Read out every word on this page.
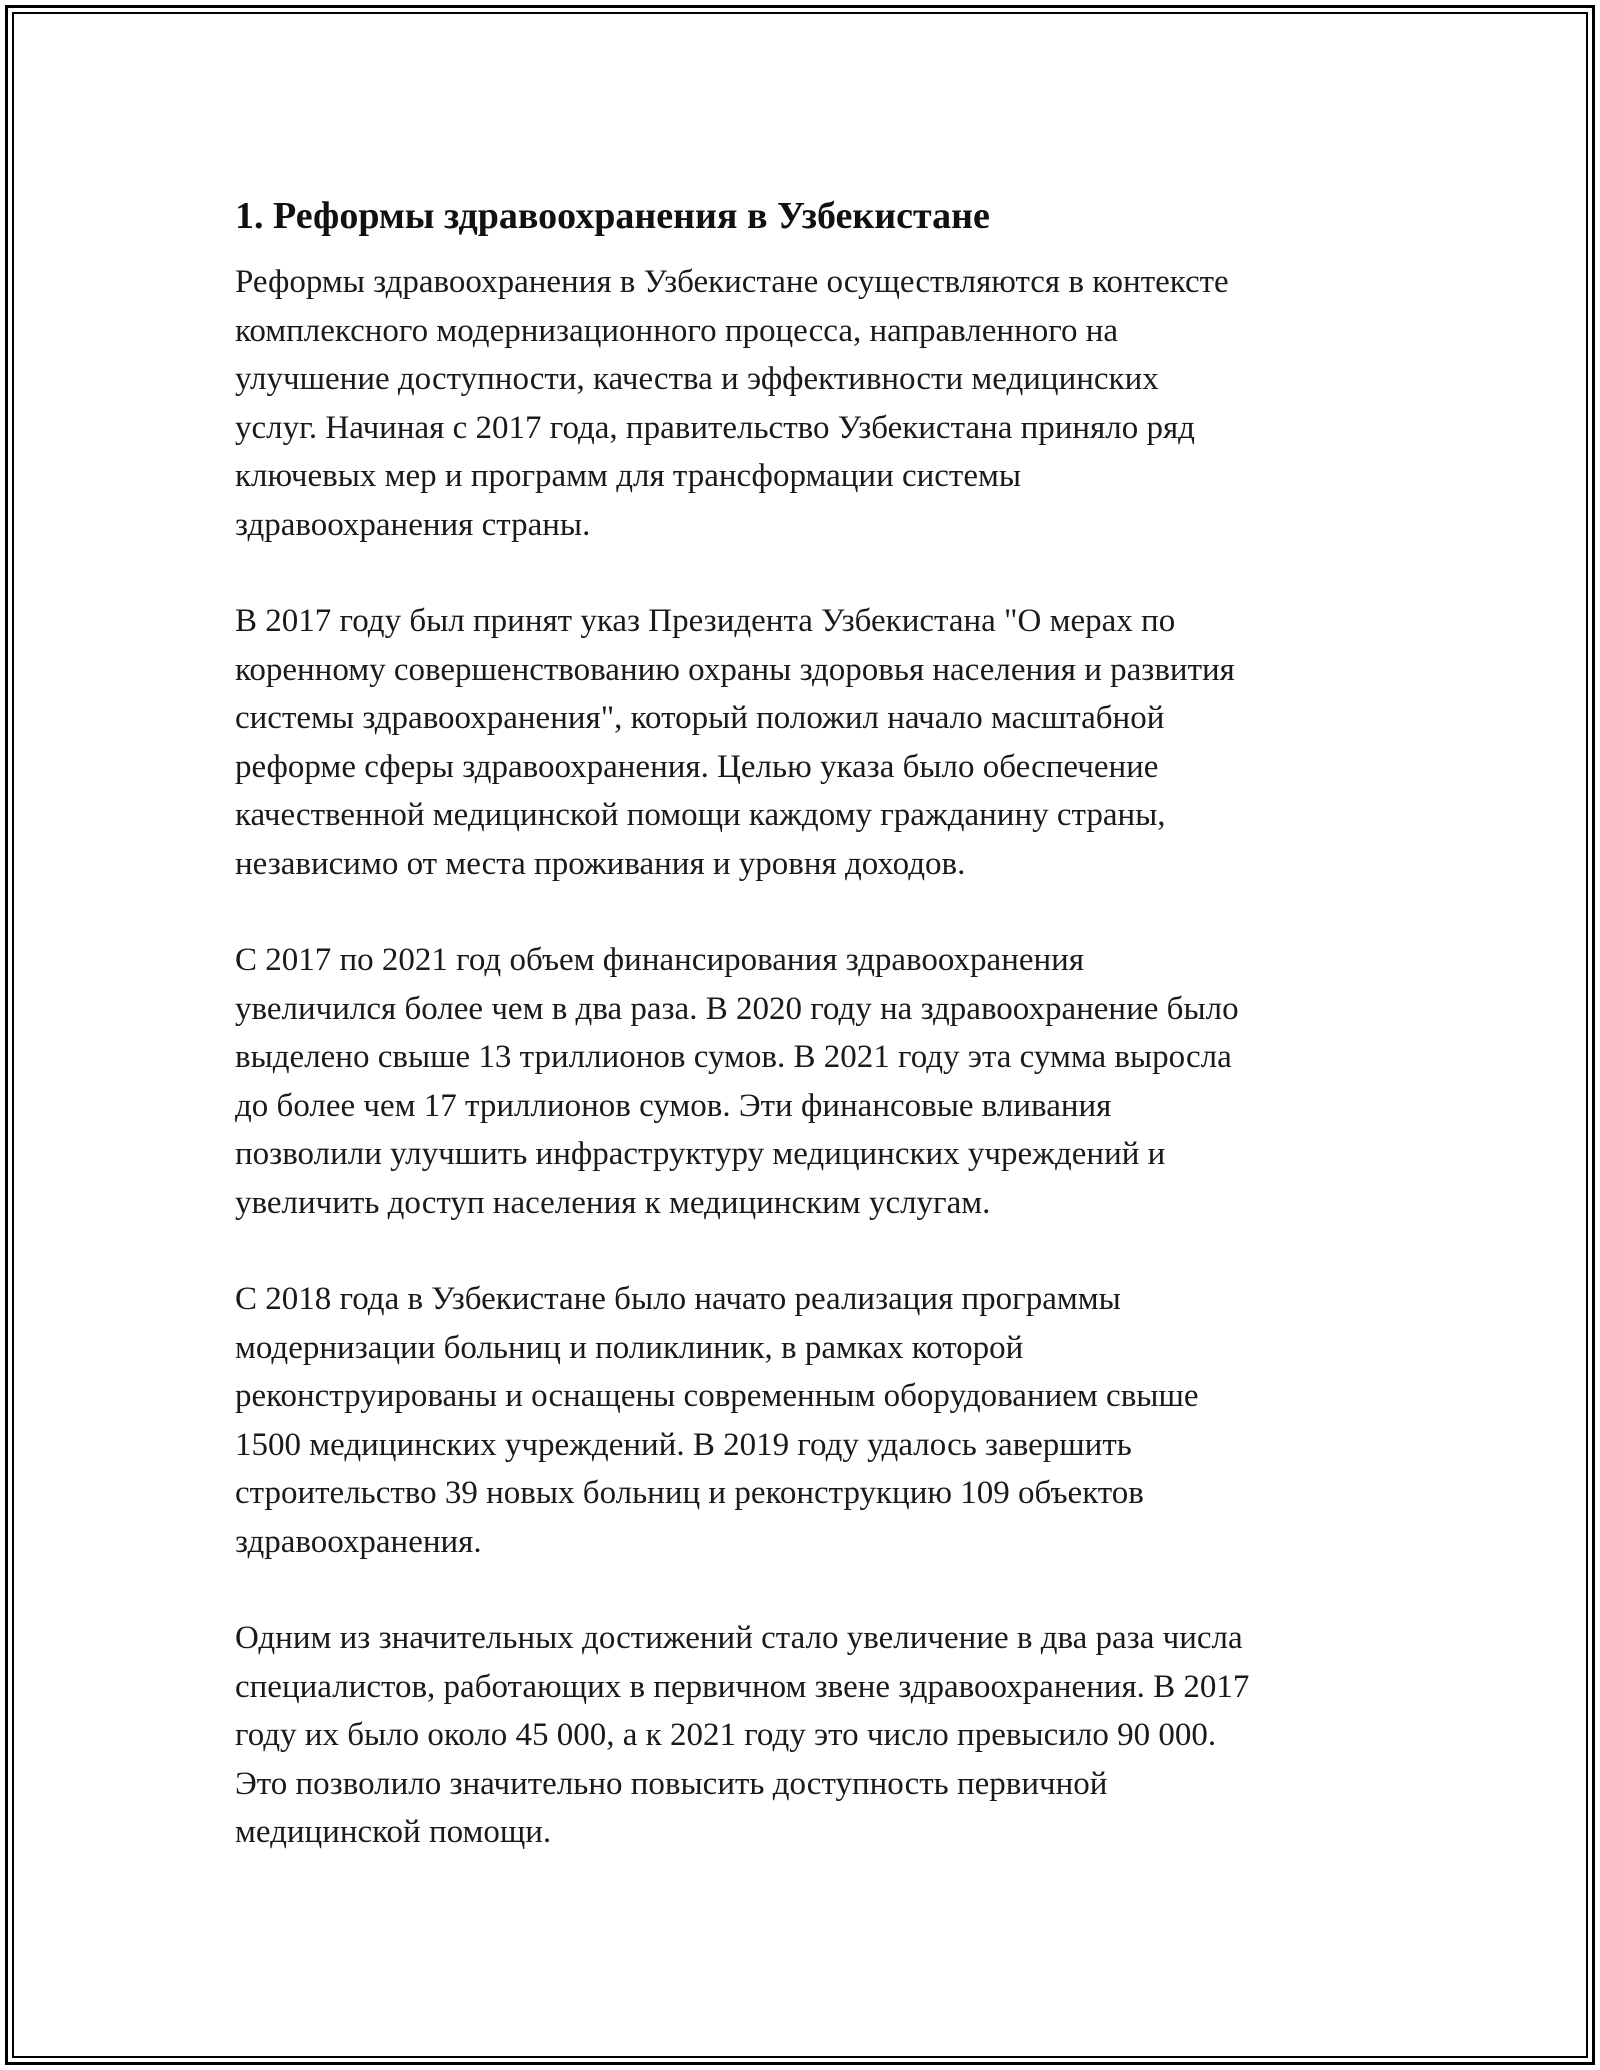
1. Реформы здравоохранения в Узбекистане

Реформы здравоохранения в Узбекистане осуществляются в контексте
комплексного модернизационного процесса, направленного на
улучшение доступности, качества и эффективности медицинских
услуг. Начиная с 2017 года, правительство Узбекистана приняло ряд
ключевых мер и программ для трансформации системы
здравоохранения страны.

В 2017 году был принят указ Президента Узбекистана "О мерах по
коренному совершенствованию охраны здоровья населения и развития
системы здравоохранения", который положил начало масштабной
реформе сферы здравоохранения. Целью указа было обеспечение
качественной медицинской помощи каждому гражданину страны,
независимо от места проживания и уровня доходов.

С 2017 по 2021 год объем финансирования здравоохранения
увеличился более чем в два раза. В 2020 году на здравоохранение было
выделено свыше 13 триллионов сумов. В 2021 году эта сумма выросла
до более чем 17 триллионов сумов. Эти финансовые вливания
позволили улучшить инфраструктуру медицинских учреждений и
увеличить доступ населения к медицинским услугам.

С 2018 года в Узбекистане было начато реализация программы
модернизации больниц и поликлиник, в рамках которой
реконструированы и оснащены современным оборудованием свыше
1500 медицинских учреждений. В 2019 году удалось завершить
строительство 39 новых больниц и реконструкцию 109 объектов
здравоохранения.

Одним из значительных достижений стало увеличение в два раза числа
специалистов, работающих в первичном звене здравоохранения. В 2017
году их было около 45 000, а к 2021 году это число превысило 90 000.
Это позволило значительно повысить доступность первичной
медицинской помощи.
